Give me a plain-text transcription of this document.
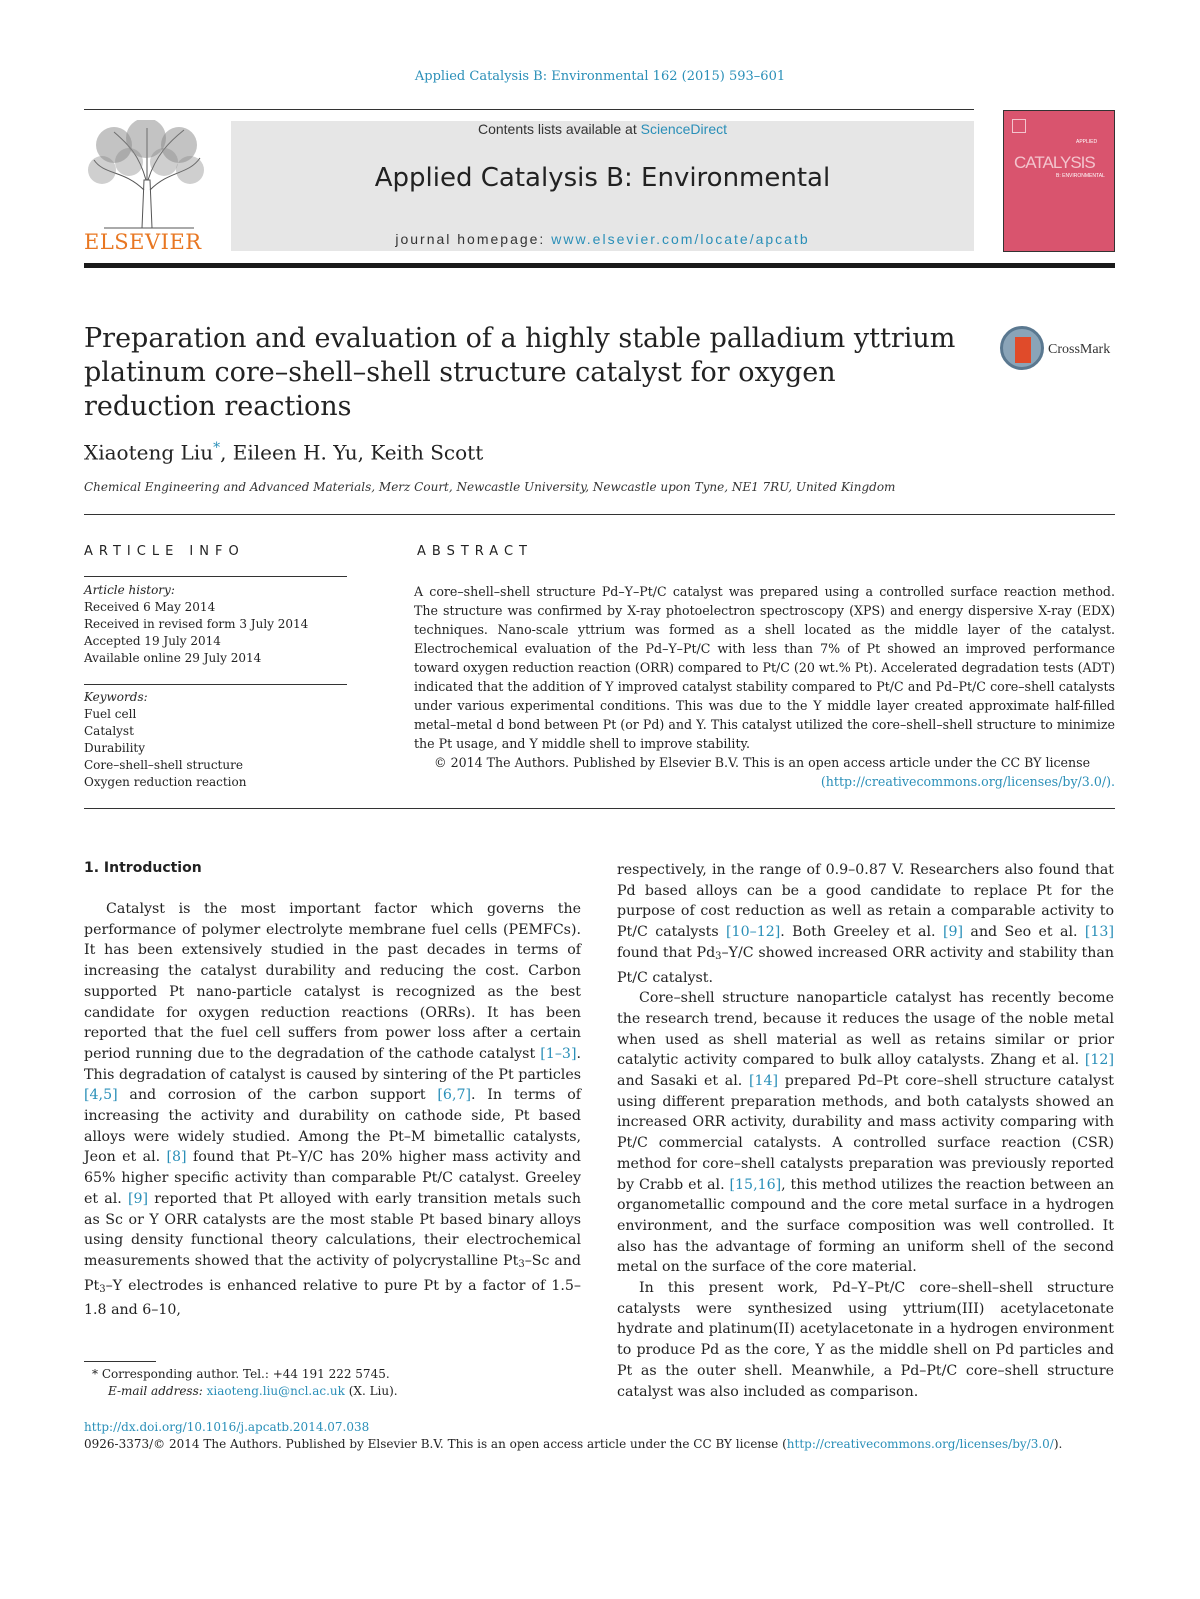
Applied Catalysis B: Environmental 162 (2015) 593–601
ELSEVIER
Contents lists available at ScienceDirect
Applied Catalysis B: Environmental
journal homepage: www.elsevier.com/locate/apcatb
APPLIED
CATALYSIS
B: ENVIRONMENTAL
Preparation and evaluation of a highly stable palladium yttrium platinum core–shell–shell structure catalyst for oxygen reduction reactions
CrossMark
Xiaoteng Liu*, Eileen H. Yu, Keith Scott
Chemical Engineering and Advanced Materials, Merz Court, Newcastle University, Newcastle upon Tyne, NE1 7RU, United Kingdom
ARTICLE INFO	ABSTRACT
Article history:
Received 6 May 2014
Received in revised form 3 July 2014
Accepted 19 July 2014
Available online 29 July 2014
Keywords:
Fuel cell
Catalyst
Durability
Core–shell–shell structure
Oxygen reduction reaction
A core–shell–shell structure Pd–Y–Pt/C catalyst was prepared using a controlled surface reaction method. The structure was confirmed by X-ray photoelectron spectroscopy (XPS) and energy dispersive X-ray (EDX) techniques. Nano-scale yttrium was formed as a shell located as the middle layer of the catalyst. Electrochemical evaluation of the Pd–Y–Pt/C with less than 7% of Pt showed an improved performance toward oxygen reduction reaction (ORR) compared to Pt/C (20 wt.% Pt). Accelerated degradation tests (ADT) indicated that the addition of Y improved catalyst stability compared to Pt/C and Pd–Pt/C core–shell catalysts under various experimental conditions. This was due to the Y middle layer created approximate half-filled metal–metal d bond between Pt (or Pd) and Y. This catalyst utilized the core–shell–shell structure to minimize the Pt usage, and Y middle shell to improve stability.
© 2014 The Authors. Published by Elsevier B.V. This is an open access article under the CC BY license
(http://creativecommons.org/licenses/by/3.0/).
1. Introduction

Catalyst is the most important factor which governs the performance of polymer electrolyte membrane fuel cells (PEMFCs). It has been extensively studied in the past decades in terms of increasing the catalyst durability and reducing the cost. Carbon supported Pt nano-particle catalyst is recognized as the best candidate for oxygen reduction reactions (ORRs). It has been reported that the fuel cell suffers from power loss after a certain period running due to the degradation of the cathode catalyst [1–3]. This degradation of catalyst is caused by sintering of the Pt particles [4,5] and corrosion of the carbon support [6,7]. In terms of increasing the activity and durability on cathode side, Pt based alloys were widely studied. Among the Pt–M bimetallic catalysts, Jeon et al. [8] found that Pt–Y/C has 20% higher mass activity and 65% higher specific activity than comparable Pt/C catalyst. Greeley et al. [9] reported that Pt alloyed with early transition metals such as Sc or Y ORR catalysts are the most stable Pt based binary alloys using density functional theory calculations, their electrochemical measurements showed that the activity of polycrystalline $Pt_3-Sc$ and $Pt_3-Y$ electrodes is enhanced relative to pure Pt by a factor of 1.5–1.8 and 6–10,

respectively, in the range of 0.9–0.87 V. Researchers also found that Pd based alloys can be a good candidate to replace Pt for the purpose of cost reduction as well as retain a comparable activity to Pt/C catalysts [10–12]. Both Greeley et al. [9] and Seo et al. [13] found that $Pd_3-Y/C$ showed increased ORR activity and stability than Pt/C catalyst.

Core–shell structure nanoparticle catalyst has recently become the research trend, because it reduces the usage of the noble metal when used as shell material as well as retains similar or prior catalytic activity compared to bulk alloy catalysts. Zhang et al. [12] and Sasaki et al. [14] prepared Pd–Pt core–shell structure catalyst using different preparation methods, and both catalysts showed an increased ORR activity, durability and mass activity comparing with Pt/C commercial catalysts. A controlled surface reaction (CSR) method for core–shell catalysts preparation was previously reported by Crabb et al. [15,16], this method utilizes the reaction between an organometallic compound and the core metal surface in a hydrogen environment, and the surface composition was well controlled. It also has the advantage of forming an uniform shell of the second metal on the surface of the core material.

In this present work, Pd–Y–Pt/C core–shell–shell structure catalysts were synthesized using yttrium(III) acetylacetonate hydrate and platinum(II) acetylacetonate in a hydrogen environment to produce Pd as the core, Y as the middle shell on Pd particles and Pt as the outer shell. Meanwhile, a Pd–Pt/C core–shell structure catalyst was also included as comparison.

* Corresponding author. Tel.: +44 191 222 5745.
E-mail address: xiaoteng.liu@ncl.ac.uk (X. Liu).
http://dx.doi.org/10.1016/j.apcatb.2014.07.038
0926-3373/© 2014 The Authors. Published by Elsevier B.V. This is an open access article under the CC BY license (http://creativecommons.org/licenses/by/3.0/).
